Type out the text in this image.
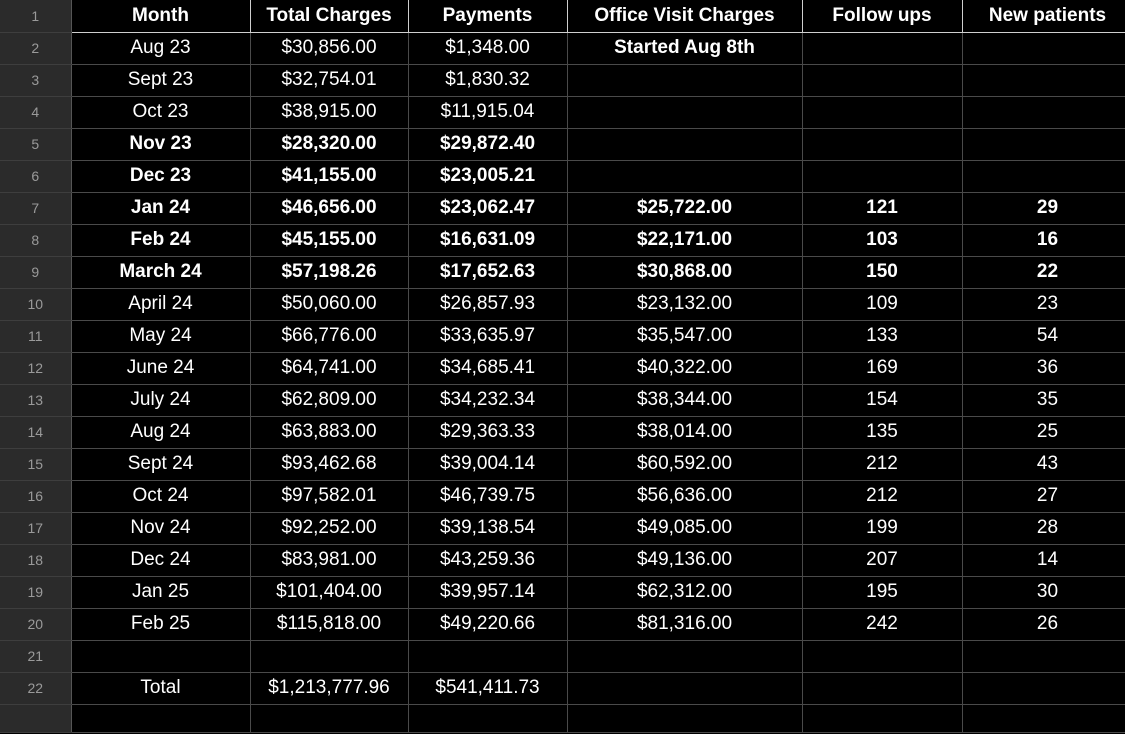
1	Month	Total Charges	Payments	Office Visit Charges	Follow ups	New patients
2	Aug 23	$30,856.00	$1,348.00	Started Aug 8th		
3	Sept 23	$32,754.01	$1,830.32			
4	Oct 23	$38,915.00	$11,915.04			
5	Nov 23	$28,320.00	$29,872.40			
6	Dec 23	$41,155.00	$23,005.21			
7	Jan 24	$46,656.00	$23,062.47	$25,722.00	121	29
8	Feb 24	$45,155.00	$16,631.09	$22,171.00	103	16
9	March 24	$57,198.26	$17,652.63	$30,868.00	150	22
10	April 24	$50,060.00	$26,857.93	$23,132.00	109	23
11	May 24	$66,776.00	$33,635.97	$35,547.00	133	54
12	June 24	$64,741.00	$34,685.41	$40,322.00	169	36
13	July 24	$62,809.00	$34,232.34	$38,344.00	154	35
14	Aug 24	$63,883.00	$29,363.33	$38,014.00	135	25
15	Sept 24	$93,462.68	$39,004.14	$60,592.00	212	43
16	Oct 24	$97,582.01	$46,739.75	$56,636.00	212	27
17	Nov 24	$92,252.00	$39,138.54	$49,085.00	199	28
18	Dec 24	$83,981.00	$43,259.36	$49,136.00	207	14
19	Jan 25	$101,404.00	$39,957.14	$62,312.00	195	30
20	Feb 25	$115,818.00	$49,220.66	$81,316.00	242	26
21						
22	Total	$1,213,777.96	$541,411.73			
